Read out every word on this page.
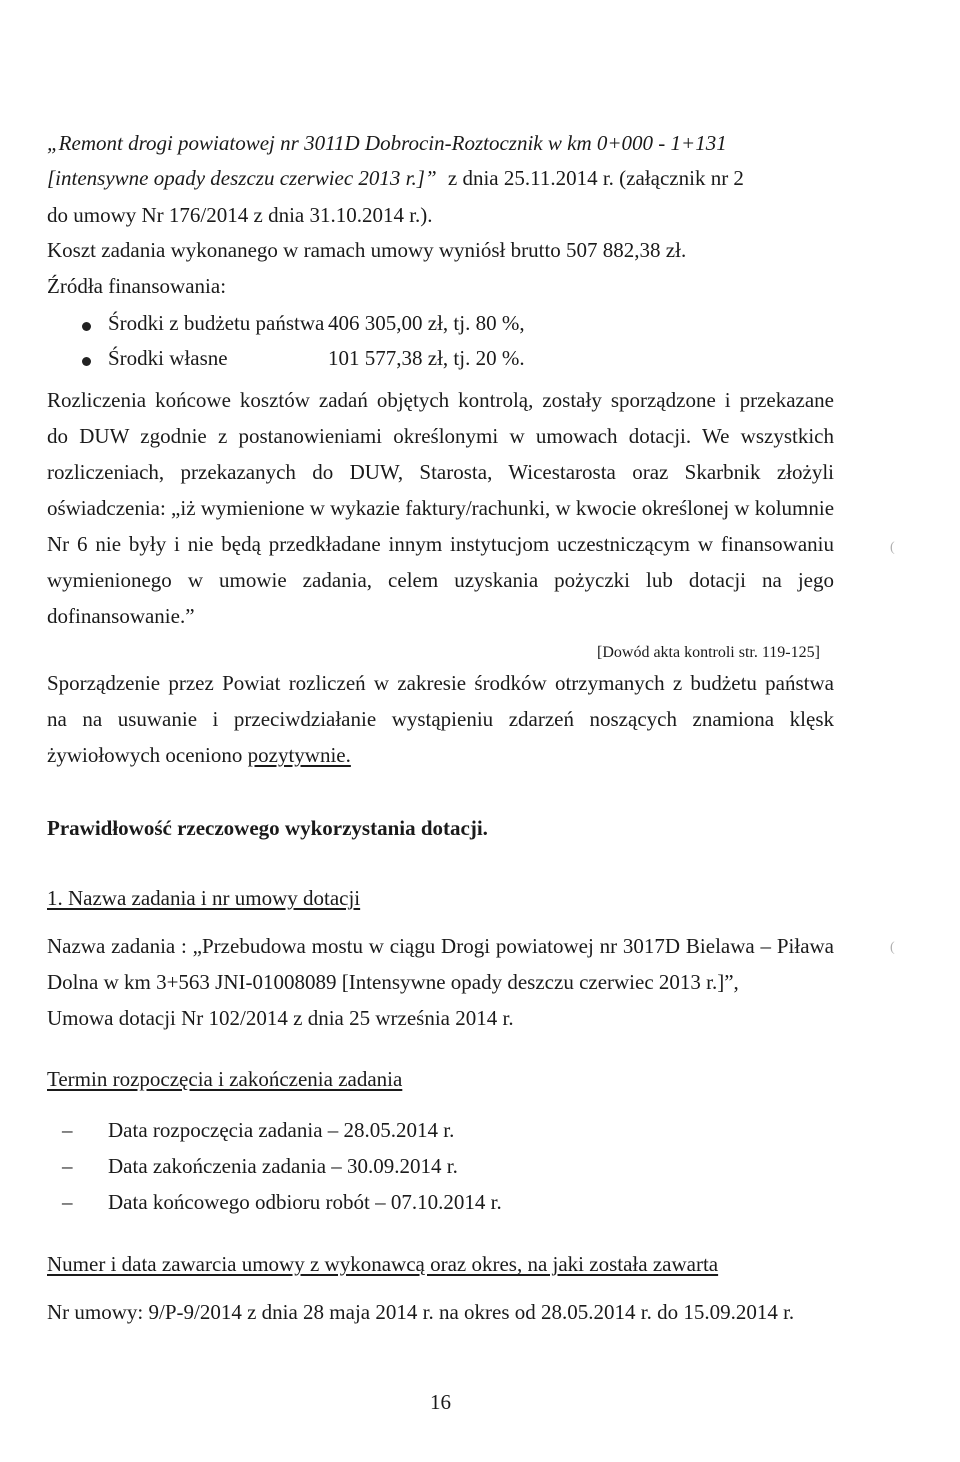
„Remont drogi powiatowej nr 3011D Dobrocin-Roztocznik w km 0+000 - 1+131
[intensywne opady deszczu czerwiec 2013 r.]” z dnia 25.11.2014 r. (załącznik nr 2
do umowy Nr 176/2014 z dnia 31.10.2014 r.).
Koszt zadania wykonanego w ramach umowy wyniósł brutto 507 882,38 zł.
Źródła finansowania:
Środki z budżetu państwa 406 305,00 zł, tj. 80 %,
Środki własne	101 577,38 zł, tj. 20 %.
Rozliczenia końcowe kosztów zadań objętych kontrolą, zostały sporządzone i przekazane
do DUW zgodnie z postanowieniami określonymi w umowach dotacji. We wszystkich
rozliczeniach, przekazanych do DUW, Starosta, Wicestarosta oraz Skarbnik złożyli
oświadczenia: „iż wymienione w wykazie faktury/rachunki, w kwocie określonej w kolumnie
Nr 6 nie były i nie będą przedkładane innym instytucjom uczestniczącym w finansowaniu
wymienionego w umowie zadania, celem uzyskania pożyczki lub dotacji na jego
dofinansowanie.”
[Dowód akta kontroli str. 119-125]
Sporządzenie przez Powiat rozliczeń w zakresie środków otrzymanych z budżetu państwa
na na usuwanie i przeciwdziałanie wystąpieniu zdarzeń noszących znamiona klęsk
żywiołowych oceniono pozytywnie.
Prawidłowość rzeczowego wykorzystania dotacji.
1. Nazwa zadania i nr umowy dotacji
Nazwa zadania : „Przebudowa mostu w ciągu Drogi powiatowej nr 3017D Bielawa – Piława
Dolna w km 3+563 JNI-01008089 [Intensywne opady deszczu czerwiec 2013 r.]”,
Umowa dotacji Nr 102/2014 z dnia 25 września 2014 r.
Termin rozpoczęcia i zakończenia zadania
– Data rozpoczęcia zadania – 28.05.2014 r.
– Data zakończenia zadania – 30.09.2014 r.
– Data końcowego odbioru robót – 07.10.2014 r.
Numer i data zawarcia umowy z wykonawcą oraz okres, na jaki została zawarta
Nr umowy: 9/P-9/2014 z dnia 28 maja 2014 r. na okres od 28.05.2014 r. do 15.09.2014 r.
16
(
(
